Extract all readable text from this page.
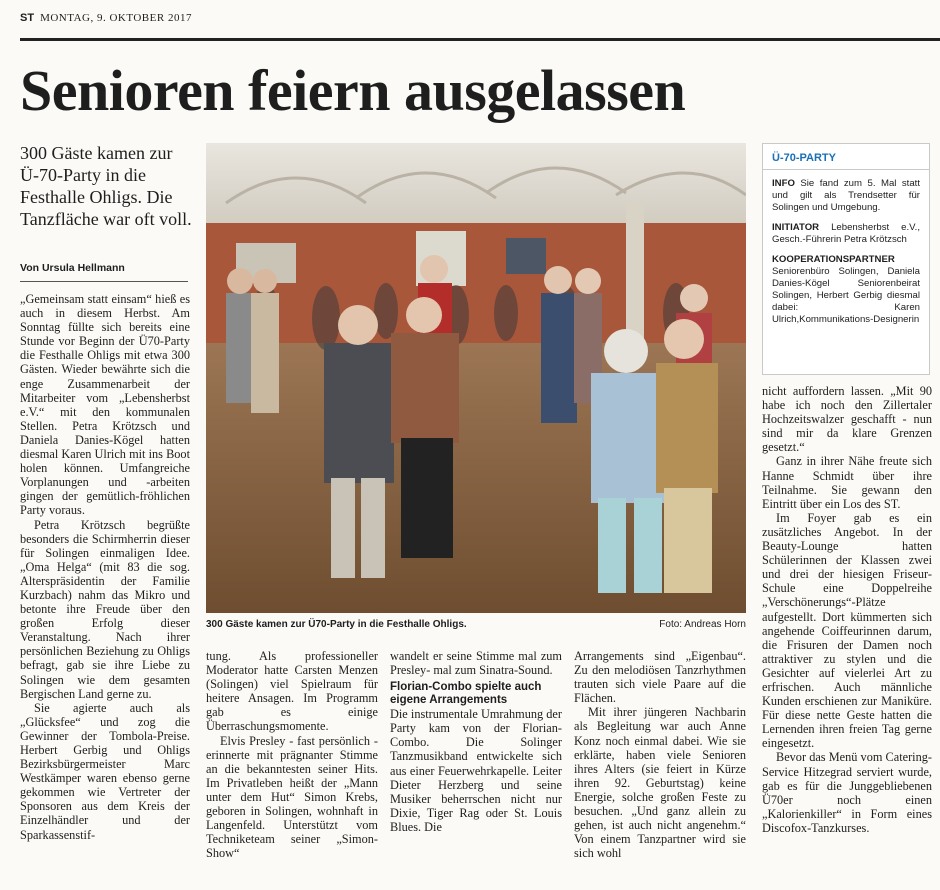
ST MONTAG, 9. OKTOBER 2017
Senioren feiern ausgelassen
300 Gäste kamen zur Ü-70-Party in die Festhalle Ohligs. Die Tanzfläche war oft voll.
Von Ursula Hellmann

„Gemeinsam statt einsam“ hieß es auch in diesem Herbst. Am Sonntag füllte sich bereits eine Stunde vor Beginn der Ü70-Party die Festhalle Ohligs mit etwa 300 Gästen. Wieder bewährte sich die enge Zusammenarbeit der Mitarbeiter vom „Lebensherbst e.V.“ mit den kommunalen Stellen. Petra Krötzsch und Daniela Danies-Kögel hatten diesmal Karen Ulrich mit ins Boot holen können. Umfangreiche Vorplanungen und -arbeiten gingen der gemütlich-fröhlichen Party voraus.

Petra Krötzsch begrüßte besonders die Schirmherrin dieser für Solingen einmaligen Idee. „Oma Helga“ (mit 83 die sog. Alterspräsidentin der Familie Kurzbach) nahm das Mikro und betonte ihre Freude über den großen Erfolg dieser Veranstaltung. Nach ihrer persönlichen Beziehung zu Ohligs befragt, gab sie ihre Liebe zu Solingen wie dem gesamten Bergischen Land gerne zu.

Sie agierte auch als „Glücksfee“ und zog die Gewinner der Tombola-Preise. Herbert Gerbig und Ohligs Bezirksbürgermeister Marc Westkämper waren ebenso gerne gekommen wie Vertreter der Sponsoren aus dem Kreis der Einzelhändler und der Sparkassenstif-

300 Gäste kamen zur Ü70-Party in die Festhalle Ohligs.	Foto: Andreas Horn
Ü-70-PARTY

INFO Sie fand zum 5. Mal statt und gilt als Trendsetter für Solingen und Umgebung.

INITIATOR Lebensherbst e.V., Gesch.-Führerin Petra Krötzsch

KOOPERATIONSPARTNER Seniorenbüro Solingen, Daniela Danies-Kögel Seniorenbeirat Solingen, Herbert Gerbig diesmal dabei: Karen Ulrich,Kommunikations-Designerin

tung. Als professioneller Moderator hatte Carsten Menzen (Solingen) viel Spielraum für heitere Ansagen. Im Programm gab es einige Überraschungsmomente.

Elvis Presley - fast persönlich - erinnerte mit prägnanter Stimme an die bekanntesten seiner Hits. Im Privatleben heißt der „Mann unter dem Hut“ Simon Krebs, geboren in Solingen, wohnhaft in Langenfeld. Unterstützt vom Techniketeam seiner „Simon-Show“

wandelt er seine Stimme mal zum Presley- mal zum Sinatra-Sound.

Florian-Combo spielte auch eigene Arrangements

Die instrumentale Umrahmung der Party kam von der Florian-Combo. Die Solinger Tanzmusikband entwickelte sich aus einer Feuerwehrkapelle. Leiter Dieter Herzberg und seine Musiker beherrschen nicht nur Dixie, Tiger Rag oder St. Louis Blues. Die

Arrangements sind „Eigenbau“. Zu den melodiösen Tanzrhythmen trauten sich viele Paare auf die Flächen.

Mit ihrer jüngeren Nachbarin als Begleitung war auch Anne Konz noch einmal dabei. Wie sie erklärte, haben viele Senioren ihres Alters (sie feiert in Kürze ihren 92. Geburtstag) keine Energie, solche großen Feste zu besuchen. „Und ganz allein zu gehen, ist auch nicht angenehm.“ Von einem Tanzpartner wird sie sich wohl

nicht auffordern lassen. „Mit 90 habe ich noch den Zillertaler Hochzeitswalzer geschafft - nun sind mir da klare Grenzen gesetzt.“

Ganz in ihrer Nähe freute sich Hanne Schmidt über ihre Teilnahme. Sie gewann den Eintritt über ein Los des ST.

Im Foyer gab es ein zusätzliches Angebot. In der Beauty-Lounge hatten Schülerinnen der Klassen zwei und drei der hiesigen Friseur-Schule eine Doppelreihe „Verschönerungs“-Plätze aufgestellt. Dort kümmerten sich angehende Coiffeurinnen darum, die Frisuren der Damen noch attraktiver zu stylen und die Gesichter auf vielerlei Art zu erfrischen. Auch männliche Kunden erschienen zur Maniküre. Für diese nette Geste hatten die Lernenden ihren freien Tag gerne eingesetzt.

Bevor das Menü vom Catering-Service Hitzegrad serviert wurde, gab es für die Junggebliebenen Ü70er noch einen „Kalorienkiller“ in Form eines Discofox-Tanzkurses.
